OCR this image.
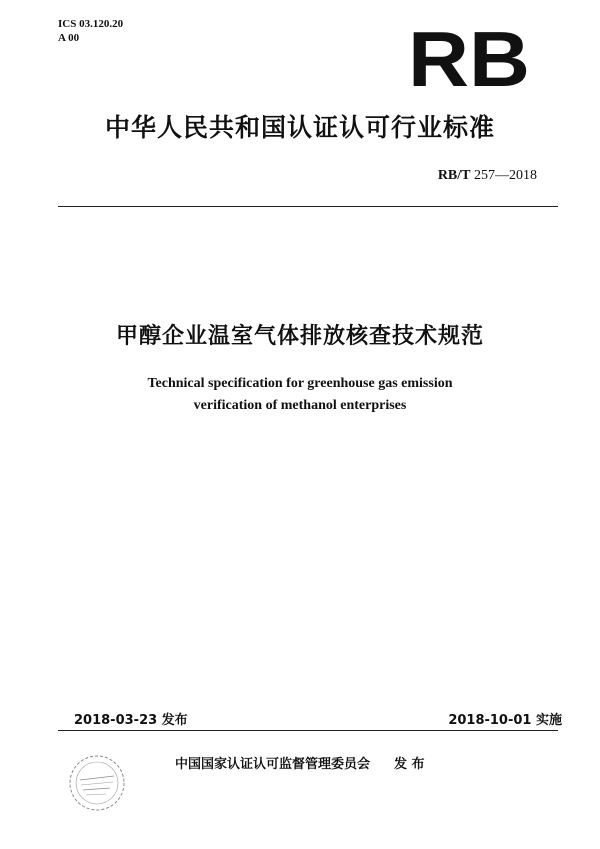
ICS 03.120.20
A 00	RB
中华人民共和国认证认可行业标准
RB/T 257—2018
甲醇企业温室气体排放核查技术规范
Technical specification for greenhouse gas emission
verification of methanol enterprises
2018-03-23 发布	2018-10-01 实施
中国国家认证认可监督管理委员会 发 布
